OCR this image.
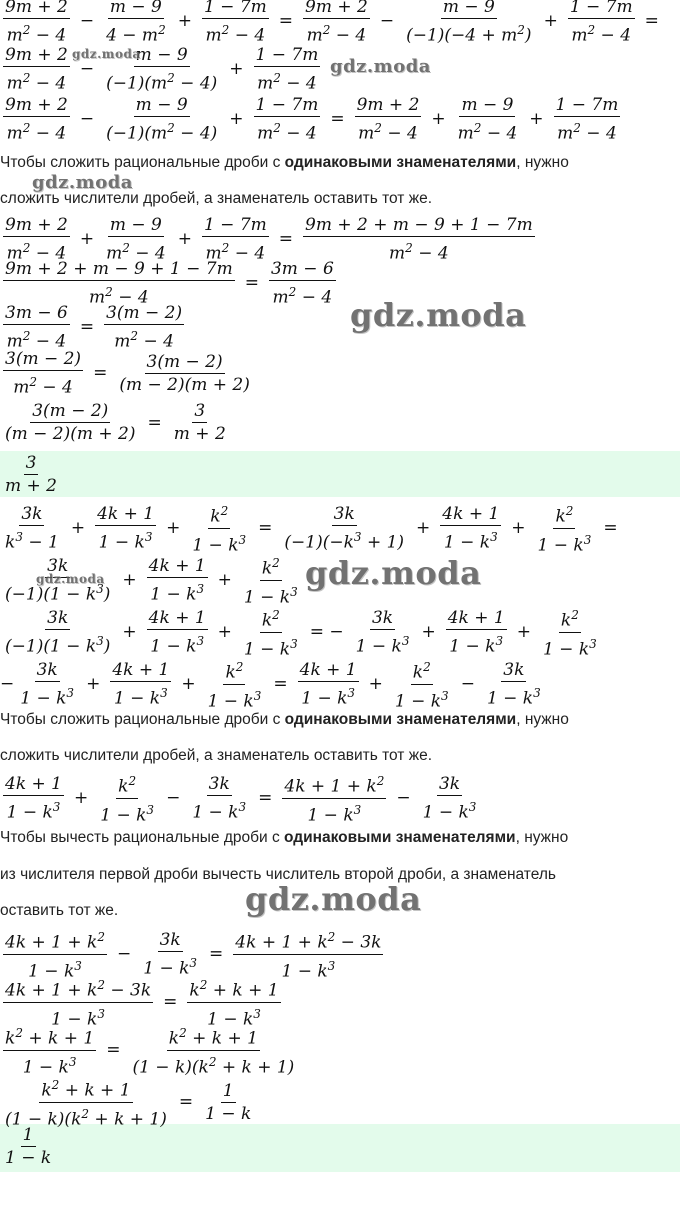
$\frac{9m + 2}{m^2 - 4} - \frac{m - 9}{4 - m^2} + \frac{1 - 7m}{m^2 - 4} = \frac{9m + 2}{m^2 - 4} - \frac{m - 9}{(-1)(-4 + m^2)} + \frac{1 - 7m}{m^2 - 4}$ =
$\frac{9m + 2}{m^2 - 4} - \frac{m - 9}{(-1)(m^2 - 4)} + \frac{1 - 7m}{m^2 - 4}$
$\frac{9m + 2}{m^2 - 4} - \frac{m - 9}{(-1)(m^2 - 4)} + \frac{1 - 7m}{m^2 - 4} = \frac{9m + 2}{m^2 - 4} + \frac{m - 9}{m^2 - 4} + \frac{1 - 7m}{m^2 - 4}$
Чтобы сложить рациональные дроби с одинаковыми знаменателями, нужно
сложить числители дробей, а знаменатель оставить тот же.
$\frac{9m + 2}{m^2 - 4} + \frac{m - 9}{m^2 - 4} + \frac{1 - 7m}{m^2 - 4} = \frac{9m + 2 + m - 9 + 1 - 7m}{m^2 - 4}$
$\frac{9m + 2 + m - 9 + 1 - 7m}{m^2 - 4} = \frac{3m - 6}{m^2 - 4}$
$\frac{3m - 6}{m^2 - 4} = \frac{3(m - 2)}{m^2 - 4}$
$\frac{3(m - 2)}{m^2 - 4} = \frac{3(m - 2)}{(m - 2)(m + 2)}$
$\frac{3(m - 2)}{(m - 2)(m + 2)} = \frac{3}{m + 2}$
$\frac{3}{m + 2}$
$\frac{3k}{k^3 - 1} + \frac{4k + 1}{1 - k^3} + \frac{k^2}{1 - k^3} = \frac{3k}{(-1)(-k^3 + 1)} + \frac{4k + 1}{1 - k^3} + \frac{k^2}{1 - k^3}$ =
$\frac{3k}{(-1)(1 - k^3)} + \frac{4k + 1}{1 - k^3} + \frac{k^2}{1 - k^3}$
$\frac{3k}{(-1)(1 - k^3)} + \frac{4k + 1}{1 - k^3} + \frac{k^2}{1 - k^3}$ = − $\frac{3k}{1 - k^3} + \frac{4k + 1}{1 - k^3} + \frac{k^2}{1 - k^3}$
− $\frac{3k}{1 - k^3} + \frac{4k + 1}{1 - k^3} + \frac{k^2}{1 - k^3} = \frac{4k + 1}{1 - k^3} + \frac{k^2}{1 - k^3} - \frac{3k}{1 - k^3}$
Чтобы сложить рациональные дроби с одинаковыми знаменателями, нужно
сложить числители дробей, а знаменатель оставить тот же.
$\frac{4k + 1}{1 - k^3} + \frac{k^2}{1 - k^3} - \frac{3k}{1 - k^3} = \frac{4k + 1 + k^2}{1 - k^3} - \frac{3k}{1 - k^3}$
Чтобы вычесть рациональные дроби с одинаковыми знаменателями, нужно
из числителя первой дроби вычесть числитель второй дроби, а знаменатель
оставить тот же.
$\frac{4k + 1 + k^2}{1 - k^3} - \frac{3k}{1 - k^3} = \frac{4k + 1 + k^2 - 3k}{1 - k^3}$
$\frac{4k + 1 + k^2 - 3k}{1 - k^3} = \frac{k^2 + k + 1}{1 - k^3}$
$\frac{k^2 + k + 1}{1 - k^3} = \frac{k^2 + k + 1}{(1 - k)(k^2 + k + 1)}$
$\frac{k^2 + k + 1}{(1 - k)(k^2 + k + 1)} = \frac{1}{1 - k}$
$\frac{1}{1 - k}$
gdz.moda
gdz.moda
gdz.moda
gdz.moda
gdz.moda	gdz.moda
gdz.moda
